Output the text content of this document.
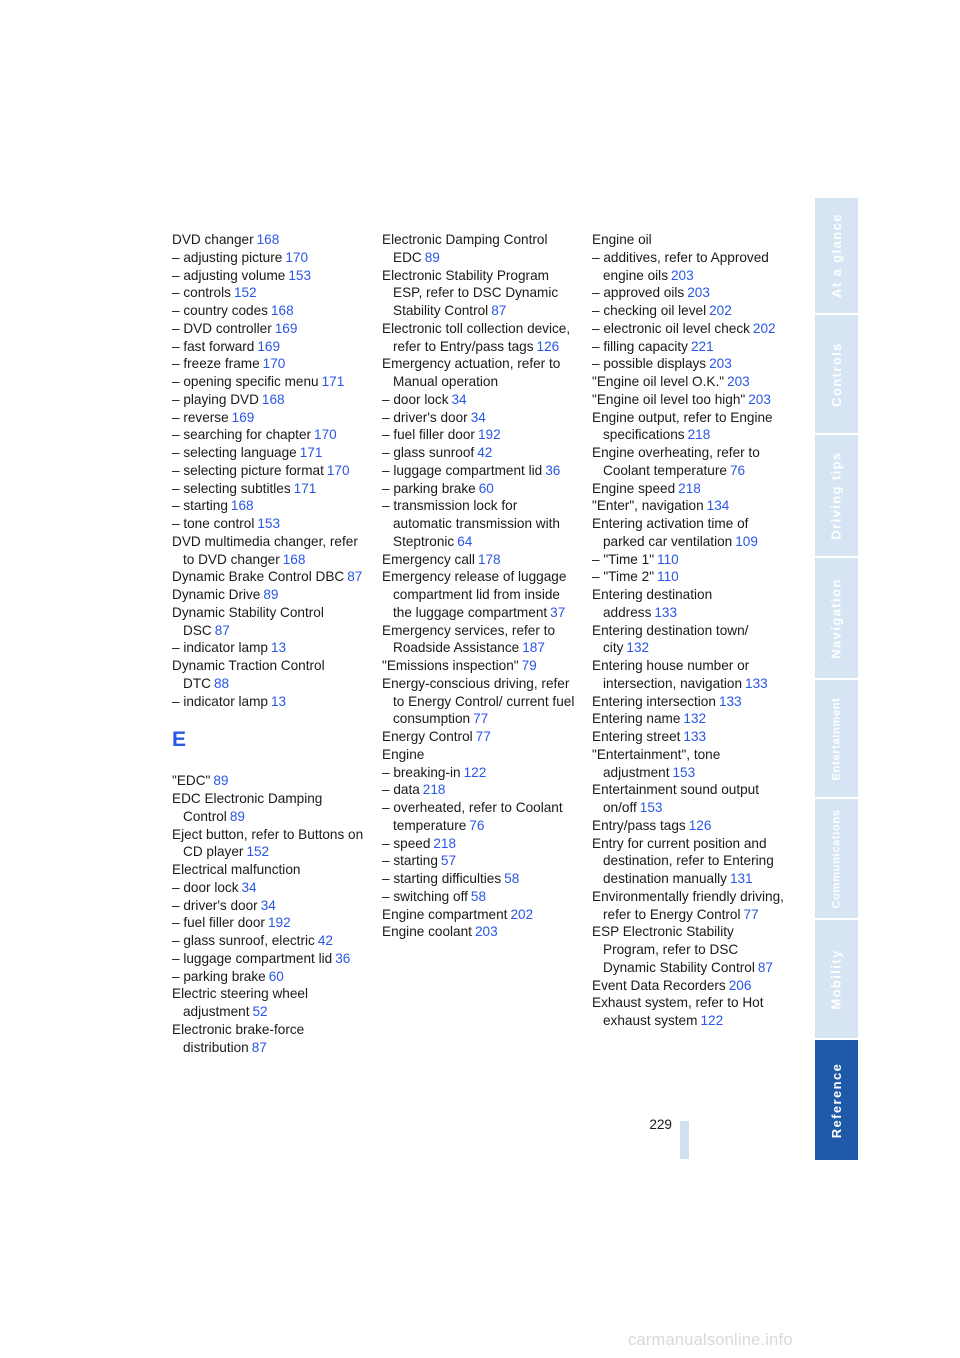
DVD changer 168

– adjusting picture 170

– adjusting volume 153

– controls 152

– country codes 168

– DVD controller 169

– fast forward 169

– freeze frame 170

– opening specific menu 171

– playing DVD 168

– reverse 169

– searching for chapter 170

– selecting language 171

– selecting picture format 170

– selecting subtitles 171

– starting 168

– tone control 153

DVD multimedia changer, refer to DVD changer 168

Dynamic Brake Control DBC 87

Dynamic Drive 89

Dynamic Stability Control DSC 87

– indicator lamp 13

Dynamic Traction Control DTC 88

– indicator lamp 13

E

"EDC" 89

EDC Electronic Damping Control 89

Eject button, refer to Buttons on CD player 152

Electrical malfunction

– door lock 34

– driver's door 34

– fuel filler door 192

– glass sunroof, electric 42

– luggage compartment lid 36

– parking brake 60

Electric steering wheel adjustment 52

Electronic brake-force distribution 87

Electronic Damping Control EDC 89

Electronic Stability Program ESP, refer to DSC Dynamic Stability Control 87

Electronic toll collection device, refer to Entry/pass tags 126

Emergency actuation, refer to Manual operation

– door lock 34

– driver's door 34

– fuel filler door 192

– glass sunroof 42

– luggage compartment lid 36

– parking brake 60

– transmission lock for automatic transmission with Steptronic 64

Emergency call 178

Emergency release of luggage compartment lid from inside the luggage compartment 37

Emergency services, refer to Roadside Assistance 187

"Emissions inspection" 79

Energy-conscious driving, refer to Energy Control/ current fuel consumption 77

Energy Control 77

Engine

– breaking-in 122

– data 218

– overheated, refer to Coolant temperature 76

– speed 218

– starting 57

– starting difficulties 58

– switching off 58

Engine compartment 202

Engine coolant 203

Engine oil

– additives, refer to Approved engine oils 203

– approved oils 203

– checking oil level 202

– electronic oil level check 202

– filling capacity 221

– possible displays 203

"Engine oil level O.K." 203

"Engine oil level too high" 203

Engine output, refer to Engine specifications 218

Engine overheating, refer to Coolant temperature 76

Engine speed 218

"Enter", navigation 134

Entering activation time of parked car ventilation 109

– "Time 1" 110

– "Time 2" 110

Entering destination address 133

Entering destination town/ city 132

Entering house number or intersection, navigation 133

Entering intersection 133

Entering name 132

Entering street 133

"Entertainment", tone adjustment 153

Entertainment sound output on/off 153

Entry/pass tags 126

Entry for current position and destination, refer to Entering destination manually 131

Environmentally friendly driving, refer to Energy Control 77

ESP Electronic Stability Program, refer to DSC Dynamic Stability Control 87

Event Data Recorders 206

Exhaust system, refer to Hot exhaust system 122

At a glance
Controls
Driving tips
Navigation
Entertainment
Communications
Mobility
Reference
229
carmanualsonline.info
